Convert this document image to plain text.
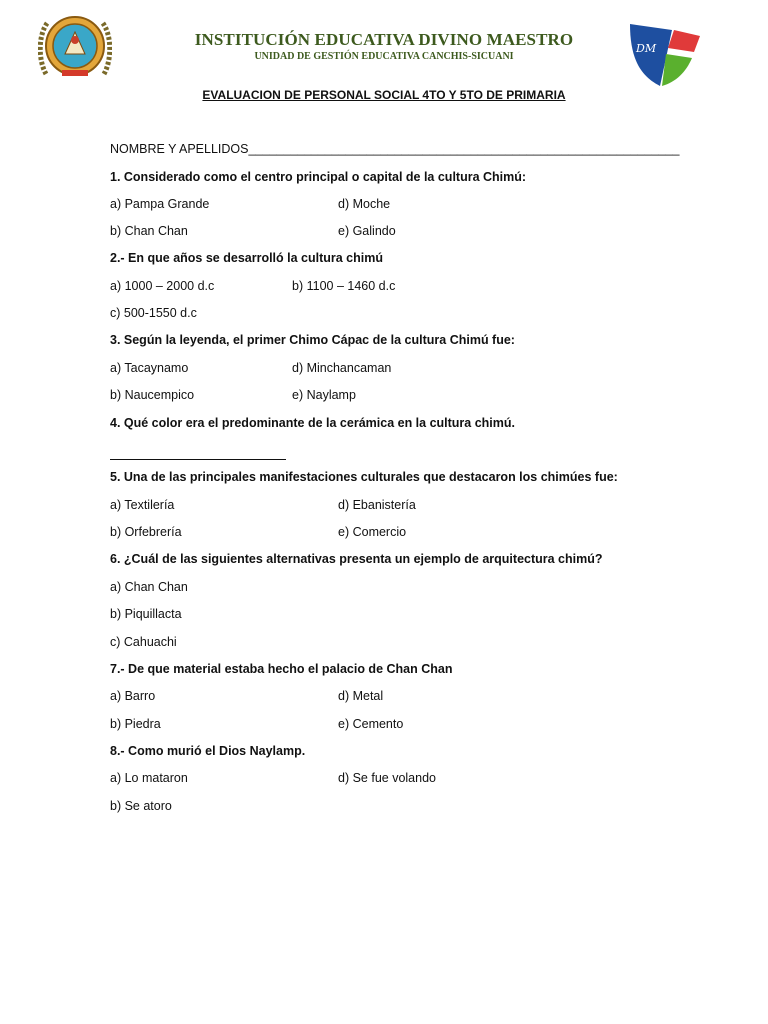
DM
INSTITUCIÓN EDUCATIVA DIVINO MAESTRO
UNIDAD DE GESTIÓN EDUCATIVA CANCHIS-SICUANI
EVALUACION DE PERSONAL SOCIAL 4TO Y 5TO DE PRIMARIA
NOMBRE Y APELLIDOS______________________________________________________________
1. Considerado como el centro principal o capital de la cultura Chimú:
a) Pampa Grande	d) Moche
b) Chan Chan	e) Galindo
2.- En que años se desarrolló la cultura chimú
a) 1000 – 2000 d.c	b) 1100 – 1460 d.c
c) 500-1550 d.c
3. Según la leyenda, el primer Chimo Cápac de la cultura Chimú fue:
a) Tacaynamo	d) Minchancaman
b) Naucempico	e) Naylamp
4. Qué color era el predominante de la cerámica en la cultura chimú.
5. Una de las principales manifestaciones culturales que destacaron los chimúes fue:
a) Textilería	d) Ebanistería
b) Orfebrería	e) Comercio
6. ¿Cuál de las siguientes alternativas presenta un ejemplo de arquitectura chimú?
a) Chan Chan
b) Piquillacta
c) Cahuachi
7.- De que material estaba hecho el palacio de Chan Chan
a) Barro	d) Metal
b) Piedra	e) Cemento
8.- Como murió el Dios Naylamp.
a) Lo mataron	d) Se fue volando
b) Se atoro
